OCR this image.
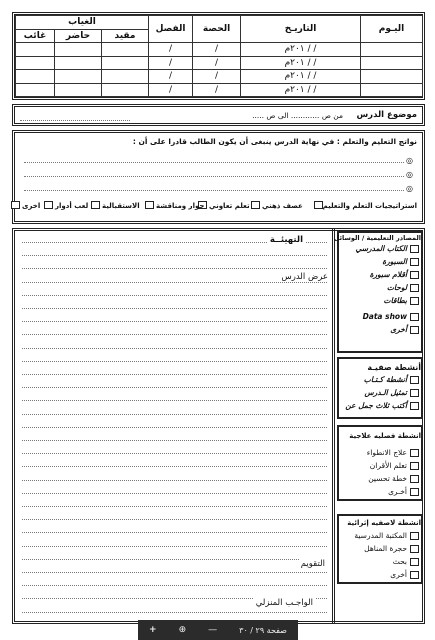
اليـوم	التاريـخ	الحصة	الفصل	الغياب		
				مقيد	حاضر	غائب
	/ / ٢٠١م	/	/			
	/ / ٢٠١م	/	/			
	/ / ٢٠١م	/	/			
	/ / ٢٠١م	/	/			
موضوع الدرس
من ص ............ الى ص .....
نواتج التعليم والتعلم : في نهاية الدرس ينبغى أن يكون الطالب قادرا على أن :
◎
◎
◎
استراتيجيات التعلم والتعليم
عصف ذهني
تعلم تعاوني
حوار ومناقشة
الاستقبالية
لعب أدوار
اخرى
التهيئــة
عرض الدرس
التقويم
الواجـب المنزلي
المصادر التعليمية / الوسائل
أنشطة صفيـة
انشطة فصليه علاجية
انشطة لاصفيه إثرائية
الكتاب المدرسي
السبورة
أقلام سبورة
لوحات
بطاقات
Data show
أخرى
أنشطة كـتـاب
تمثيل الـدرس
أكتب ثلاث جمل عن
علاج الانطواء
تعلم الأقران
خطة تحسين
أخـرى
المكتبة المدرسية
حجرة المناهل
بحث
أخرى
+ ⊕ —	صفحة ٢٩ / ٣٠
